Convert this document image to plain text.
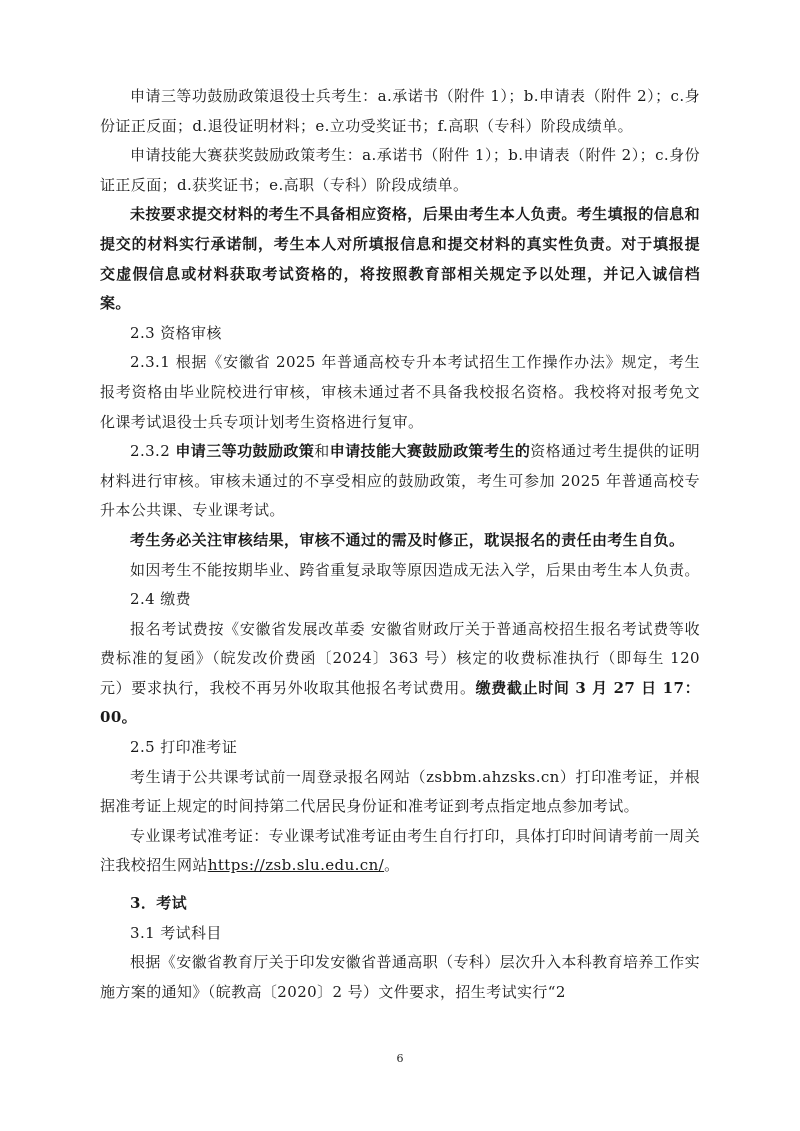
申请三等功鼓励政策退役士兵考生：a.承诺书（附件 1）；b.申请表（附件 2）；c.身份证正反面；d.退役证明材料；e.立功受奖证书；f.高职（专科）阶段成绩单。

申请技能大赛获奖鼓励政策考生：a.承诺书（附件 1）；b.申请表（附件 2）；c.身份证正反面；d.获奖证书；e.高职（专科）阶段成绩单。

未按要求提交材料的考生不具备相应资格，后果由考生本人负责。考生填报的信息和提交的材料实行承诺制，考生本人对所填报信息和提交材料的真实性负责。对于填报提交虚假信息或材料获取考试资格的，将按照教育部相关规定予以处理，并记入诚信档案。

2.3 资格审核

2.3.1 根据《安徽省 2025 年普通高校专升本考试招生工作操作办法》规定，考生报考资格由毕业院校进行审核，审核未通过者不具备我校报名资格。我校将对报考免文化课考试退役士兵专项计划考生资格进行复审。

2.3.2 申请三等功鼓励政策和申请技能大赛鼓励政策考生的资格通过考生提供的证明材料进行审核。审核未通过的不享受相应的鼓励政策，考生可参加 2025 年普通高校专升本公共课、专业课考试。

考生务必关注审核结果，审核不通过的需及时修正，耽误报名的责任由考生自负。

如因考生不能按期毕业、跨省重复录取等原因造成无法入学，后果由考生本人负责。

2.4 缴费

报名考试费按《安徽省发展改革委 安徽省财政厅关于普通高校招生报名考试费等收费标准的复函》（皖发改价费函〔2024〕363 号）核定的收费标准执行（即每生 120 元）要求执行，我校不再另外收取其他报名考试费用。缴费截止时间 3 月 27 日 17：00。

2.5 打印准考证

考生请于公共课考试前一周登录报名网站（zsbbm.ahzsks.cn）打印准考证，并根据准考证上规定的时间持第二代居民身份证和准考证到考点指定地点参加考试。

专业课考试准考证：专业课考试准考证由考生自行打印，具体打印时间请考前一周关注我校招生网站https://zsb.slu.edu.cn/。

3．考试

3.1 考试科目

根据《安徽省教育厅关于印发安徽省普通高职（专科）层次升入本科教育培养工作实施方案的通知》（皖教高〔2020〕2 号）文件要求，招生考试实行“2

6
